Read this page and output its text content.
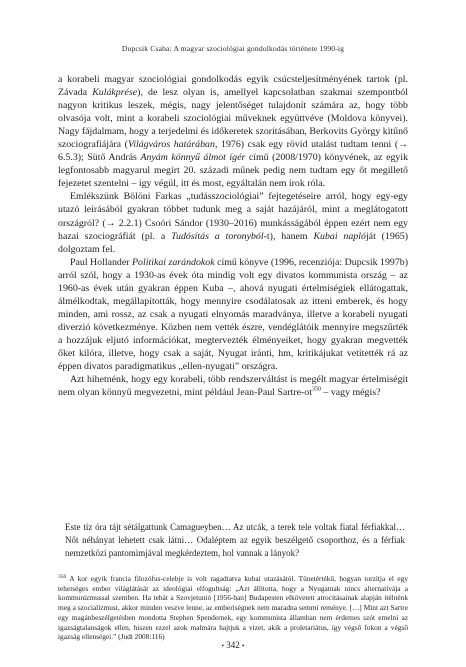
Dupcsik Csaba: A magyar szociológiai gondolkodás története 1990-ig

a korabeli magyar szociológiai gondolkodás egyik csúcsteljesítményének tartok (pl. Závada Kulákprése), de lesz olyan is, amellyel kapcsolatban szakmai szempontból nagyon kritikus leszek, mégis, nagy jelentőséget tulajdonít számára az, hogy több olvasója volt, mint a korabeli szociológiai műveknek együttvéve (Moldova könyvei). Nagy fájdalmam, hogy a terjedelmi és időkeretek szorításában, Berkovits György kitűnő szociografiájára (Világváros határában, 1976) csak egy rövid utalást tudtam tenni (→ 6.5.3); Sütő András Anyám könnyű álmot ígér című (2008/1970) könyvének, az egyik legfontosabb magyarul megírt 20. századi műnek pedig nem tudtam egy őt megillető fejezetet szentelni – így végül, itt és most, egyáltalán nem írok róla.

Emlékszünk Bölöni Farkas „tudásszociológiai” fejtegetéseire arról, hogy egy-egy utazó leírásából gyakran többet tudunk meg a saját hazájáról, mint a meglátogatott országról? (→ 2.2.1) Csoóri Sándor (1930–2016) munkásságából éppen ezért nem egy hazai szociográfiát (pl. a Tudósítás a toronyból-t), hanem Kubai naplóját (1965) dolgoztam fel.

Paul Hollander Politikai zarándokok című könyve (1996, recenziója: Dupcsik 1997b) arról szól, hogy a 1930-as évek óta mindig volt egy divatos kommunista ország – az 1960-as évek után gyakran éppen Kuba –, ahová nyugati értelmiségiek ellátogattak, álmélkodtak, megállapították, hogy mennyire csodálatosak az itteni emberek, és hogy minden, ami rossz, az csak a nyugati elnyomás maradványa, illetve a korabeli nyugati diverzió következménye. Közben nem vették észre, vendéglátóik mennyire megszűrték a hozzájuk eljutó információkat, megtervezték élményeiket, hogy gyakran megvették őket kilóra, illetve, hogy csak a saját, Nyugat iránti, hm, kritikájukat vetítették rá az éppen divatos paradigmatikus „ellen-nyugati” országra.

Azt hihetnénk, hogy egy korabeli, több rendszerváltást is megélt magyar értelmiségit nem olyan könnyű megvezetni, mint például Jean-Paul Sartre-$ot^{350}$ – vagy mégis?

Este tíz óra tájt sétálgattunk Camagueyben… Az utcák, a terek tele voltak fiatal férfiakkal… Nőt néhányat lehetett csak látni… Odaléptem az egyik beszélgető csoporthoz, és a férfiak nemzetközi pantomimjával megkérdeztem, hol vannak a lányok?

$^{350}$ A kor egyik francia filozófus-celebje is volt ragadtatva kubai utazásától. Tünetértékű, hogyan torzítja el egy tehetséges ember világlátását az ideológiai elfogultság: „Azt állította, hogy a Nyugatnak nincs alternatívája a kommunizmussal szemben. Ha tehát a Szovjetunió [1956-ban] Budapesten elkövetett atrocitásainak alapján itélnénk meg a szocializmust, akkor minden veszve lenne, az emberiségnek nem maradna semmi reménye. […] Mint azt Sartre egy magánbeszélgetésben mondotta Stephen Spendernek, egy kommunista államban nem érdemes szót emelni az igazságtalanságok ellen, hiszen ezzel azok malmára hajtjuk a vizet, akik a proletariátus, így végső fokon a végső igazság ellenségei.” (Judt 2008:116)

• 342 •
